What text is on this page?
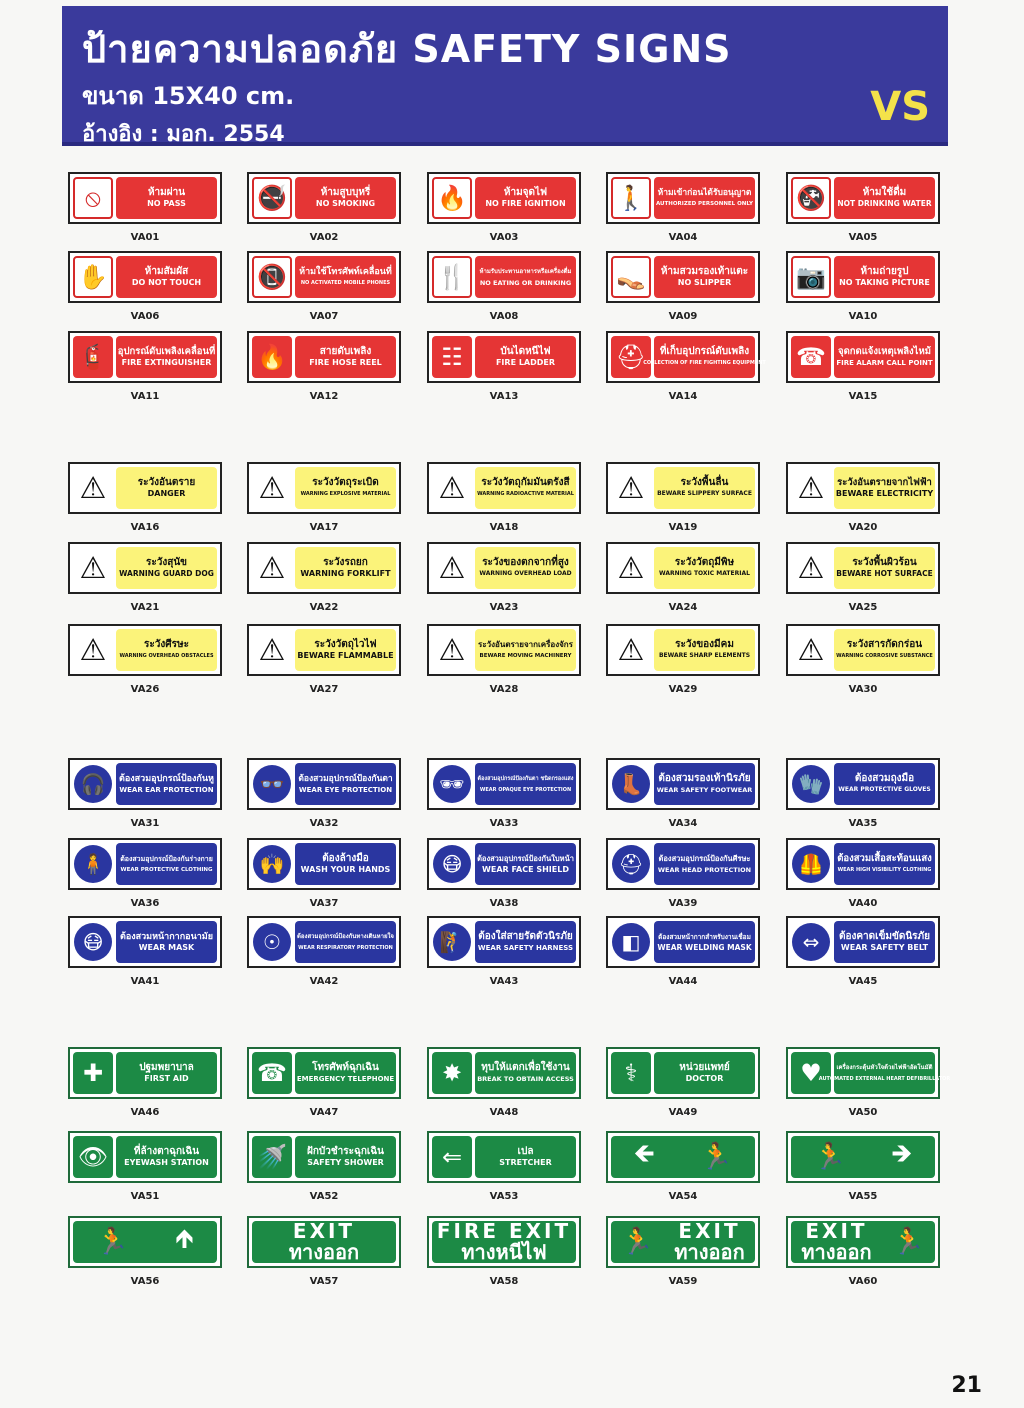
ป้ายความปลอดภัย SAFETY SIGNS
ขนาด 15X40 cm.
อ้างอิง : มอก. 2554
VS
⦸	ห้ามผ่าน
NO PASS
VA01
🚭	ห้ามสูบบุหรี่
NO SMOKING
VA02
🔥	ห้ามจุดไฟ
NO FIRE IGNITION
VA03
🚶	ห้ามเข้าก่อนได้รับอนุญาต
AUTHORIZED PERSONNEL ONLY
VA04
🚱	ห้ามใช้ดื่ม
NOT DRINKING WATER
VA05
✋	ห้ามสัมผัส
DO NOT TOUCH
VA06
📵	ห้ามใช้โทรศัพท์เคลื่อนที่
NO ACTIVATED MOBILE PHONES
VA07
🍴	ห้ามรับประทานอาหารหรือเครื่องดื่ม
NO EATING OR DRINKING
VA08
👡	ห้ามสวมรองเท้าแตะ
NO SLIPPER
VA09
📷	ห้ามถ่ายรูป
NO TAKING PICTURE
VA10
🧯	อุปกรณ์ดับเพลิงเคลื่อนที่
FIRE EXTINGUISHER
VA11
🔥	สายดับเพลิง
FIRE HOSE REEL
VA12
☷	บันไดหนีไฟ
FIRE LADDER
VA13
⛑	ที่เก็บอุปกรณ์ดับเพลิง
COLLECTION OF FIRE FIGHTING EQUIPMENT
VA14
☎	จุดกดแจ้งเหตุเพลิงไหม้
FIRE ALARM CALL POINT
VA15
⚠	ระวังอันตราย
DANGER
VA16
⚠	ระวังวัตถุระเบิด
WARNING EXPLOSIVE MATERIAL
VA17
⚠	ระวังวัตถุกัมมันตรังสี
WARNING RADIOACTIVE MATERIAL
VA18
⚠	ระวังพื้นลื่น
BEWARE SLIPPERY SURFACE
VA19
⚠	ระวังอันตรายจากไฟฟ้า
BEWARE ELECTRICITY
VA20
⚠	ระวังสุนัข
WARNING GUARD DOG
VA21
⚠	ระวังรถยก
WARNING FORKLIFT
VA22
⚠	ระวังของตกจากที่สูง
WARNING OVERHEAD LOAD
VA23
⚠	ระวังวัตถุมีพิษ
WARNING TOXIC MATERIAL
VA24
⚠	ระวังพื้นผิวร้อน
BEWARE HOT SURFACE
VA25
⚠	ระวังศีรษะ
WARNING OVERHEAD OBSTACLES
VA26
⚠	ระวังวัตถุไวไฟ
BEWARE FLAMMABLE
VA27
⚠	ระวังอันตรายจากเครื่องจักร
BEWARE MOVING MACHINERY
VA28
⚠	ระวังของมีคม
BEWARE SHARP ELEMENTS
VA29
⚠	ระวังสารกัดกร่อน
WARNING CORROSIVE SUBSTANCE
VA30
🎧	ต้องสวมอุปกรณ์ป้องกันหู
WEAR EAR PROTECTION
VA31
👓	ต้องสวมอุปกรณ์ป้องกันตา
WEAR EYE PROTECTION
VA32
🕶	ต้องสวมอุปกรณ์ป้องกันตา ชนิดกรองแสง
WEAR OPAQUE EYE PROTECTION
VA33
👢	ต้องสวมรองเท้านิรภัย
WEAR SAFETY FOOTWEAR
VA34
🧤	ต้องสวมถุงมือ
WEAR PROTECTIVE GLOVES
VA35
🧍	ต้องสวมอุปกรณ์ป้องกันร่างกาย
WEAR PROTECTIVE CLOTHING
VA36
🙌	ต้องล้างมือ
WASH YOUR HANDS
VA37
😷	ต้องสวมอุปกรณ์ป้องกันใบหน้า
WEAR FACE SHIELD
VA38
⛑	ต้องสวมอุปกรณ์ป้องกันศีรษะ
WEAR HEAD PROTECTION
VA39
🦺	ต้องสวมเสื้อสะท้อนแสง
WEAR HIGH VISIBILITY CLOTHING
VA40
😷	ต้องสวมหน้ากากอนามัย
WEAR MASK
VA41
☉	ต้องสวมอุปกรณ์ป้องกันทางเดินหายใจ
WEAR RESPIRATORY PROTECTION
VA42
🧗	ต้องใส่สายรัดตัวนิรภัย
WEAR SAFETY HARNESS
VA43
◧	ต้องสวมหน้ากากสำหรับงานเชื่อม
WEAR WELDING MASK
VA44
⇔	ต้องคาดเข็มขัดนิรภัย
WEAR SAFETY BELT
VA45
✚	ปฐมพยาบาล
FIRST AID
VA46
☎	โทรศัพท์ฉุกเฉิน
EMERGENCY TELEPHONE
VA47
✸	ทุบให้แตกเพื่อใช้งาน
BREAK TO OBTAIN ACCESS
VA48
⚕	หน่วยแพทย์
DOCTOR
VA49
♥	เครื่องกระตุ้นหัวใจด้วยไฟฟ้าอัตโนมัติ
AUTOMATED EXTERNAL HEART DEFIBRILLATOR
VA50
👁	ที่ล้างตาฉุกเฉิน
EYEWASH STATION
VA51
🚿	ฝักบัวชำระฉุกเฉิน
SAFETY SHOWER
VA52
⇐	เปล
STRETCHER
VA53
🡸 🏃
VA54
🏃 🡺
VA55
🏃 🡹
VA56
EXIT
ทางออก
VA57
FIRE EXIT
ทางหนีไฟ
VA58
🏃 EXIT
ทางออก
VA59
EXIT
ทางออก 🏃
VA60
21
